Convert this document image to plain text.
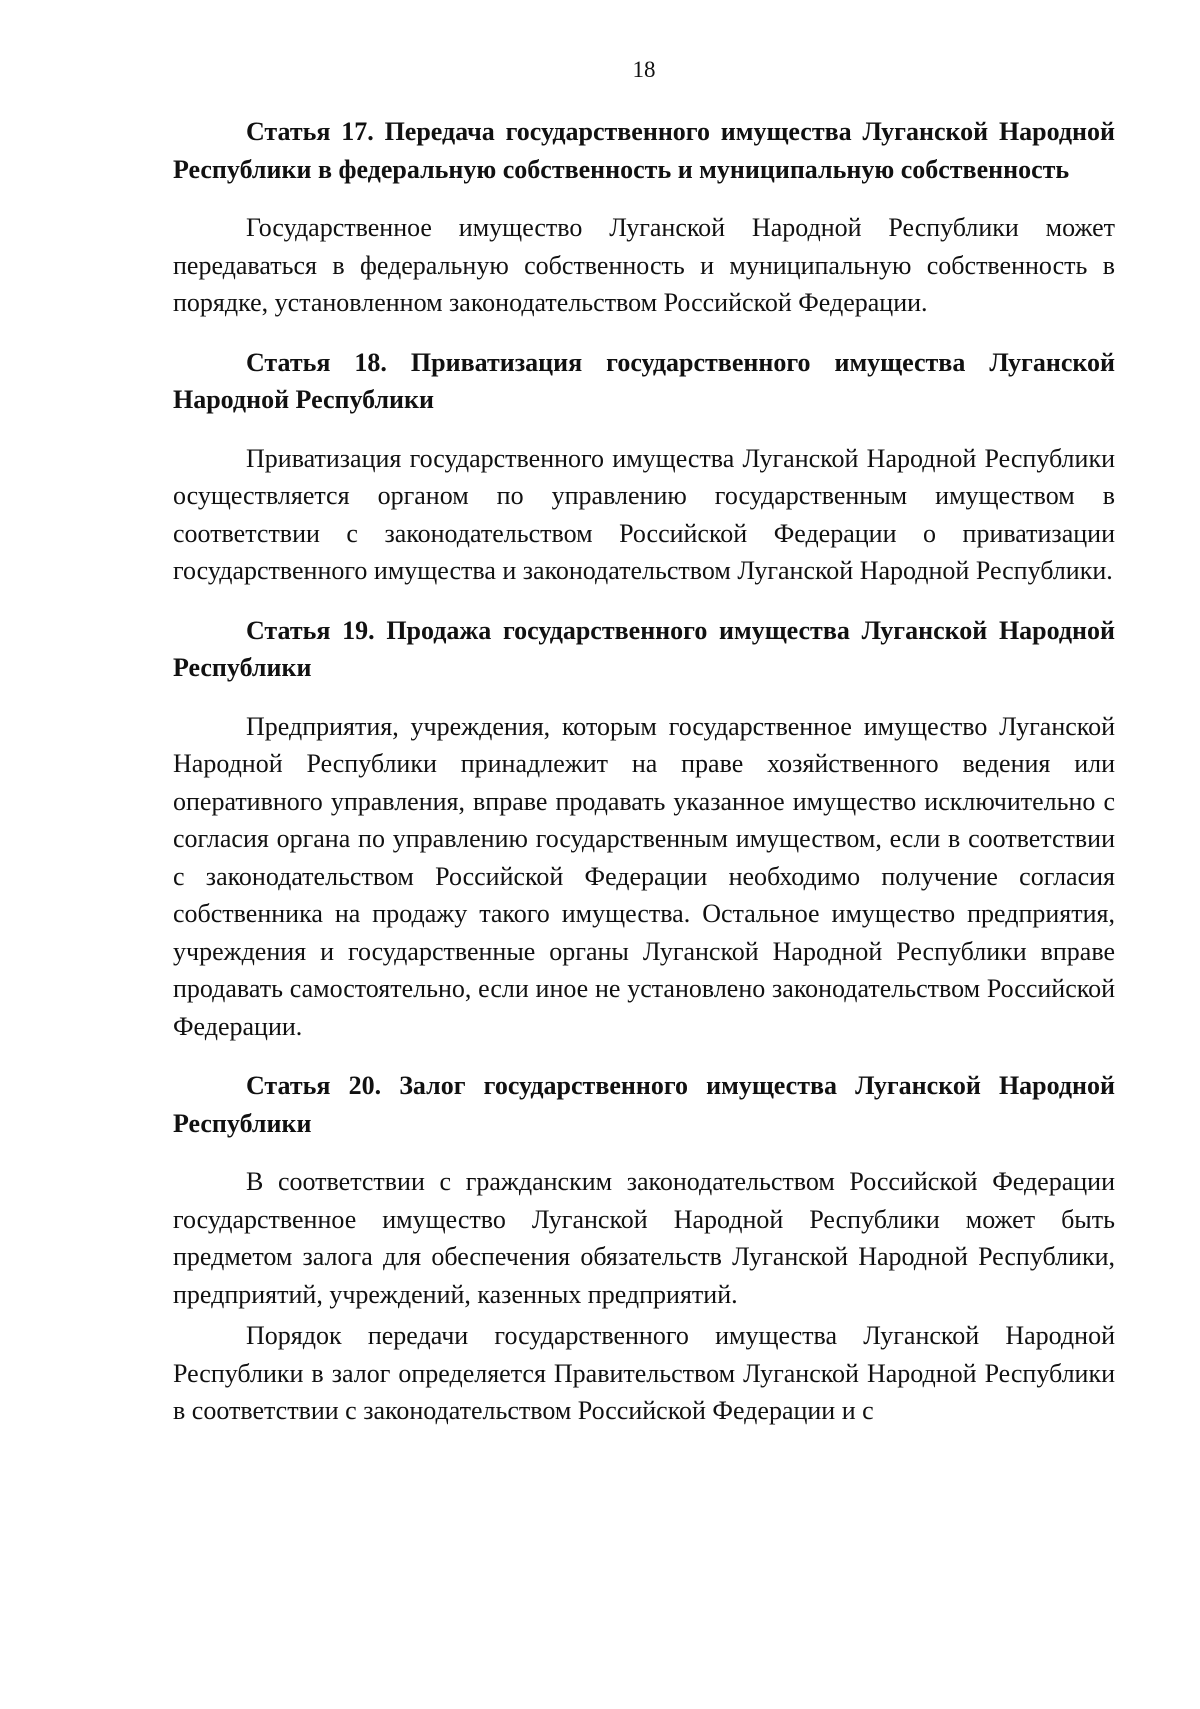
18

Статья 17. Передача государственного имущества Луганской Народной Республики в федеральную собственность и муниципальную собственность

Государственное имущество Луганской Народной Республики может передаваться в федеральную собственность и муниципальную собственность в порядке, установленном законодательством Российской Федерации.

Статья 18. Приватизация государственного имущества Луганской Народной Республики

Приватизация государственного имущества Луганской Народной Республики осуществляется органом по управлению государственным имуществом в соответствии с законодательством Российской Федерации о приватизации государственного имущества и законодательством Луганской Народной Республики.

Статья 19. Продажа государственного имущества Луганской Народной Республики

Предприятия, учреждения, которым государственное имущество Луганской Народной Республики принадлежит на праве хозяйственного ведения или оперативного управления, вправе продавать указанное имущество исключительно с согласия органа по управлению государственным имуществом, если в соответствии с законодательством Российской Федерации необходимо получение согласия собственника на продажу такого имущества. Остальное имущество предприятия, учреждения и государственные органы Луганской Народной Республики вправе продавать самостоятельно, если иное не установлено законодательством Российской Федерации.

Статья 20. Залог государственного имущества Луганской Народной Республики

В соответствии с гражданским законодательством Российской Федерации государственное имущество Луганской Народной Республики может быть предметом залога для обеспечения обязательств Луганской Народной Республики, предприятий, учреждений, казенных предприятий.

Порядок передачи государственного имущества Луганской Народной Республики в залог определяется Правительством Луганской Народной Республики в соответствии с законодательством Российской Федерации и с
